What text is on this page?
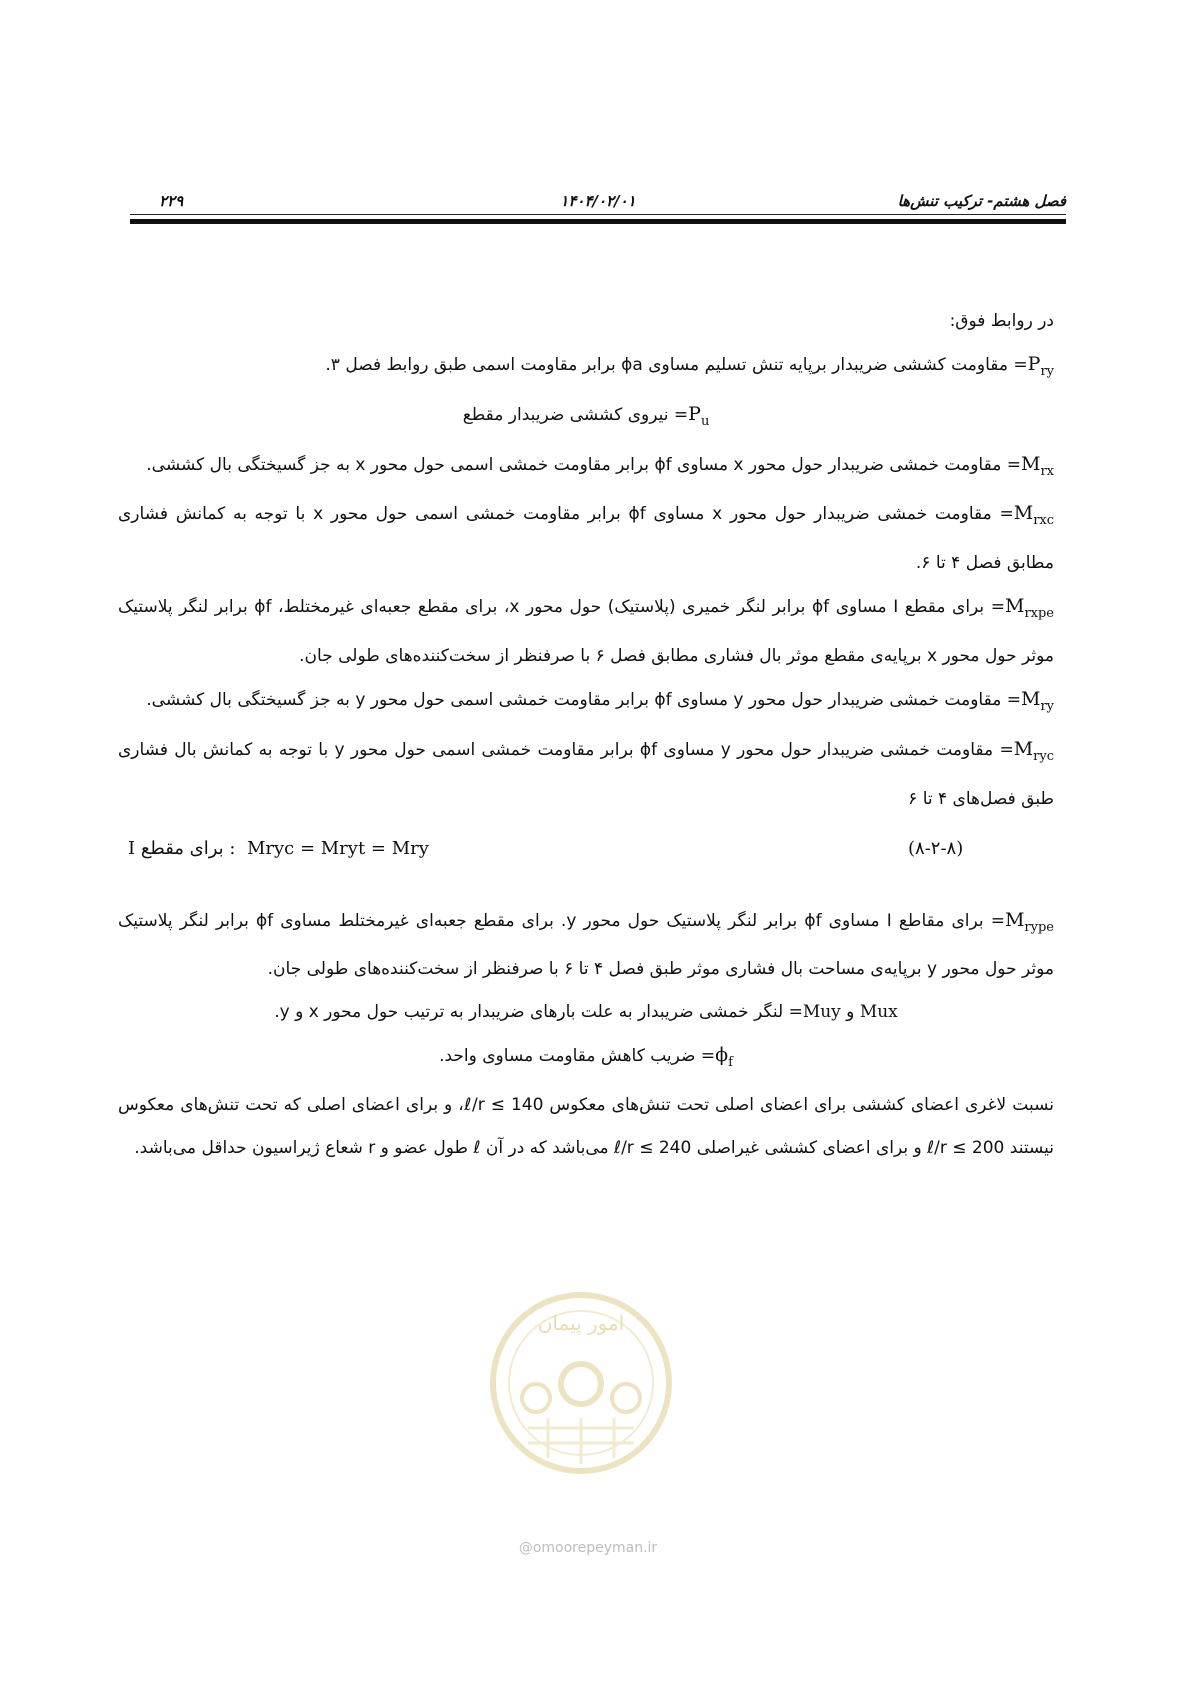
فصل هشتم- ترکیب تنش‌ها
۱۴۰۴/۰۲/۰۱
۲۲۹

در روابط فوق:

$P_{ry}=$ مقاومت کششی ضریبدار برپایه تنش تسلیم مساوی ϕa برابر مقاومت اسمی طبق روابط فصل ۳.

$P_u=$ نیروی کششی ضریبدار مقطع

$M_{rx}=$ مقاومت خمشی ضریبدار حول محور x مساوی ϕf برابر مقاومت خمشی اسمی حول محور x به جز گسیختگی بال کششی.

$M_{rxc}=$ مقاومت خمشی ضریبدار حول محور x مساوی ϕf برابر مقاومت خمشی اسمی حول محور x با توجه به کمانش فشاری مطابق فصل ۴ تا ۶.

$M_{rxpe}=$ برای مقطع I مساوی ϕf برابر لنگر خمیری (پلاستیک) حول محور x، برای مقطع جعبه‌ای غیرمختلط، ϕf برابر لنگر پلاستیک موثر حول محور x برپایه‌ی مقطع موثر بال فشاری مطابق فصل ۶ با صرفنظر از سخت‌کننده‌های طولی جان.

$M_{ry}=$ مقاومت خمشی ضریبدار حول محور y مساوی ϕf برابر مقاومت خمشی اسمی حول محور y به جز گسیختگی بال کششی.

$M_{ryc}=$ مقاومت خمشی ضریبدار حول محور y مساوی ϕf برابر مقاومت خمشی اسمی حول محور y با توجه به کمانش بال فشاری طبق فصل‌های ۴ تا ۶

(۸-۲-۸)
: برای مقطع I Mryc = Mryt = Mry

$M_{rype}=$ برای مقاطع I مساوی ϕf برابر لنگر پلاستیک حول محور y. برای مقطع جعبه‌ای غیرمختلط مساوی ϕf برابر لنگر پلاستیک موثر حول محور y برپایه‌ی مساحت بال فشاری موثر طبق فصل ۴ تا ۶ با صرفنظر از سخت‌کننده‌های طولی جان.

Mux و Muy= لنگر خمشی ضریبدار به علت بارهای ضریبدار به ترتیب حول محور x و y.

$\phi_f=$ ضریب کاهش مقاومت مساوی واحد.

نسبت لاغری اعضای کششی برای اعضای اصلی تحت تنش‌های معکوس ℓ/r ≤ 140، و برای اعضای اصلی که تحت تنش‌های معکوس نیستند ℓ/r ≤ 200 و برای اعضای کششی غیراصلی ℓ/r ≤ 240 می‌باشد که در آن ℓ طول عضو و r شعاع ژیراسیون حداقل می‌باشد.

امور پیمان
@omoorepeyman.ir
